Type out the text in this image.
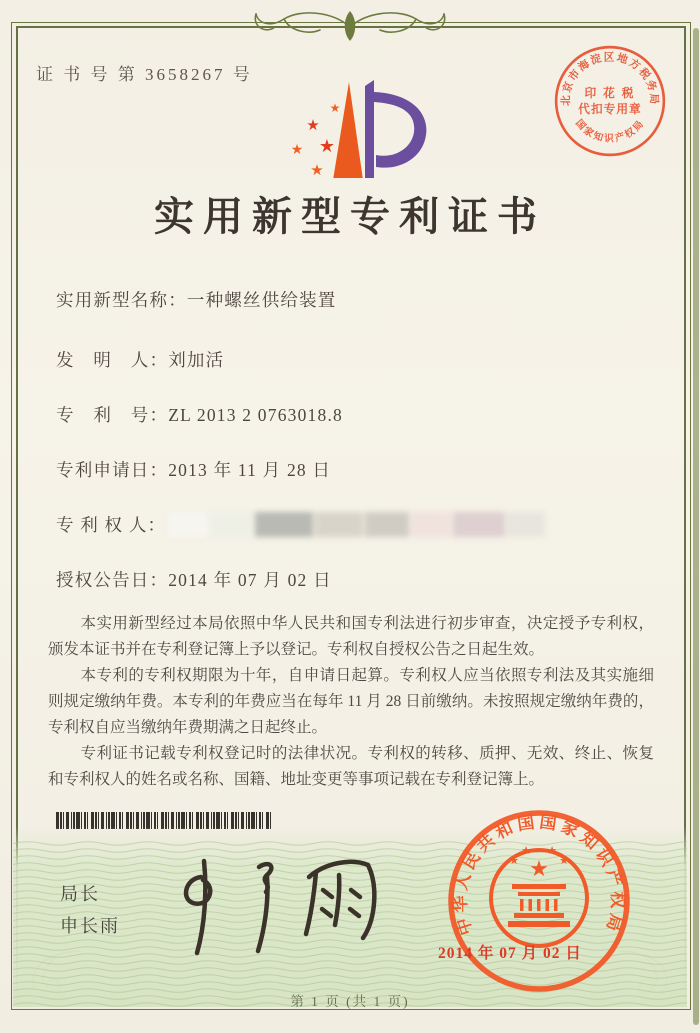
证 书 号 第 3658267 号
北京市海淀区地方税务局
国家知识产权局
印 花 税
代扣专用章
★
★
★ ★
★
实用新型专利证书
实用新型名称：一种螺丝供给装置
发　明　人：刘加活
专　利　号：ZL 2013 2 0763018.8
专利申请日：2013 年 11 月 28 日
专 利 权 人：
授权公告日：2014 年 07 月 02 日

本实用新型经过本局依照中华人民共和国专利法进行初步审查，决定授予专利权，颁发本证书并在专利登记簿上予以登记。专利权自授权公告之日起生效。

本专利的专利权期限为十年，自申请日起算。专利权人应当依照专利法及其实施细则规定缴纳年费。本专利的年费应当在每年 11 月 28 日前缴纳。未按照规定缴纳年费的，专利权自应当缴纳年费期满之日起终止。

专利证书记载专利权登记时的法律状况。专利权的转移、质押、无效、终止、恢复和专利权人的姓名或名称、国籍、地址变更等事项记载在专利登记簿上。

局长
申长雨	中华人民共和国国家知识产权局
★
★
★ ★
★
2014 年 07 月 02 日
第 1 页 (共 1 页)
